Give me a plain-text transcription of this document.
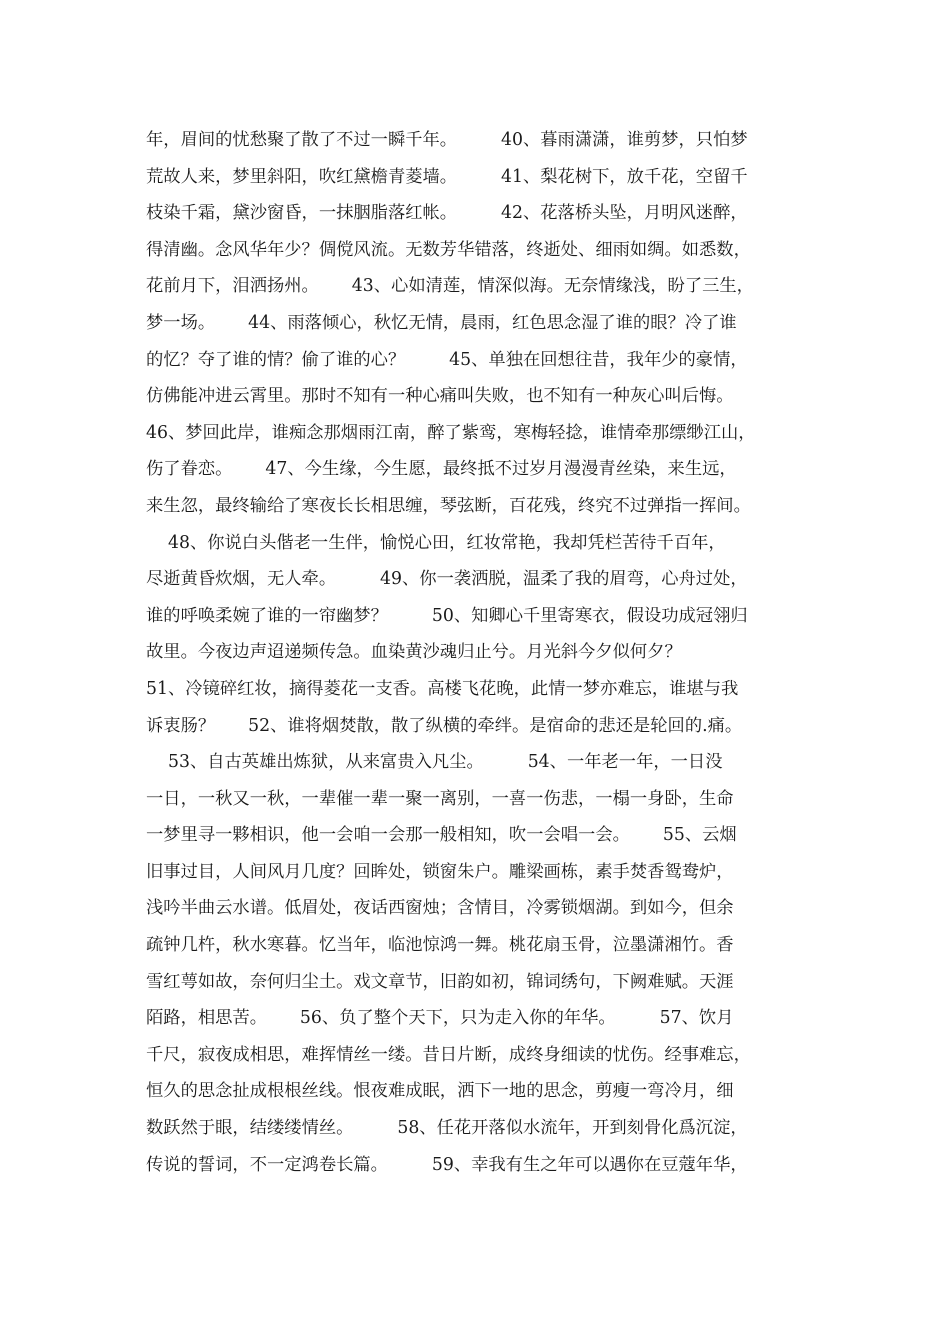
年，眉间的忧愁聚了散了不过一瞬千年。        40、暮雨潇潇，谁剪梦，只怕梦
荒故人来，梦里斜阳，吹红黛檐青菱墙。        41、梨花树下，放千花，空留千
枝染千霜，黛沙窗昏，一抹胭脂落红帐。        42、花落桥头坠，月明风迷醉，
得清幽。念风华年少？倜傥风流。无数芳华错落，终逝处、细雨如绸。如悉数，
花前月下，泪洒扬州。      43、心如清莲，情深似海。无奈情缘浅，盼了三生，
梦一场。      44、雨落倾心，秋忆无情，晨雨，红色思念湿了谁的眼？冷了谁
的忆？夺了谁的情？偷了谁的心？        45、单独在回想往昔，我年少的豪情，
仿佛能冲进云霄里。那时不知有一种心痛叫失败，也不知有一种灰心叫后悔。
46、梦回此岸，谁痴念那烟雨江南，醉了紫鸾，寒梅轻捻，谁情牵那缥缈江山，
伤了眷恋。      47、今生缘，今生愿，最终抵不过岁月漫漫青丝染，来生远，
来生忽，最终输给了寒夜长长相思缠，琴弦断，百花残，终究不过弹指一挥间。
48、你说白头偕老一生伴，愉悦心田，红妆常艳，我却凭栏苦待千百年，
尽逝黄昏炊烟，无人牵。        49、你一袭洒脱，温柔了我的眉弯，心舟过处，
谁的呼唤柔婉了谁的一帘幽梦？        50、知卿心千里寄寒衣，假设功成冠翎归
故里。今夜边声迢递频传急。血染黄沙魂归止兮。月光斜今夕似何夕？
51、冷镜碎红妆，摘得菱花一支香。高楼飞花晚，此情一梦亦难忘，谁堪与我
诉衷肠？      52、谁将烟焚散，散了纵横的牵绊。是宿命的悲还是轮回的.痛。
53、自古英雄出炼狱，从来富贵入凡尘。        54、一年老一年，一日没
一日，一秋又一秋，一辈催一辈一聚一离别，一喜一伤悲，一榻一身卧，生命
一梦里寻一夥相识，他一会咱一会那一般相知，吹一会唱一会。      55、云烟
旧事过目，人间风月几度？回眸处，锁窗朱户。雕梁画栋，素手焚香鸳鸯炉，
浅吟半曲云水谱。低眉处，夜话西窗烛；含情目，冷雾锁烟湖。到如今，但余
疏钟几杵，秋水寒暮。忆当年，临池惊鸿一舞。桃花扇玉骨，泣墨潇湘竹。香
雪红萼如故，奈何归尘土。戏文章节，旧韵如初，锦词绣句，下阙难赋。天涯
陌路，相思苦。      56、负了整个天下，只为走入你的年华。        57、饮月
千尺，寂夜成相思，难挥情丝一缕。昔日片断，成终身细读的忧伤。经事难忘，
恒久的思念扯成根根丝线。恨夜难成眠，洒下一地的思念，剪瘦一弯冷月，细
数跃然于眼，结缕缕情丝。        58、任花开落似水流年，开到刻骨化爲沉淀，
传说的誓词，不一定鸿卷长篇。        59、幸我有生之年可以遇你在豆蔻年华，
